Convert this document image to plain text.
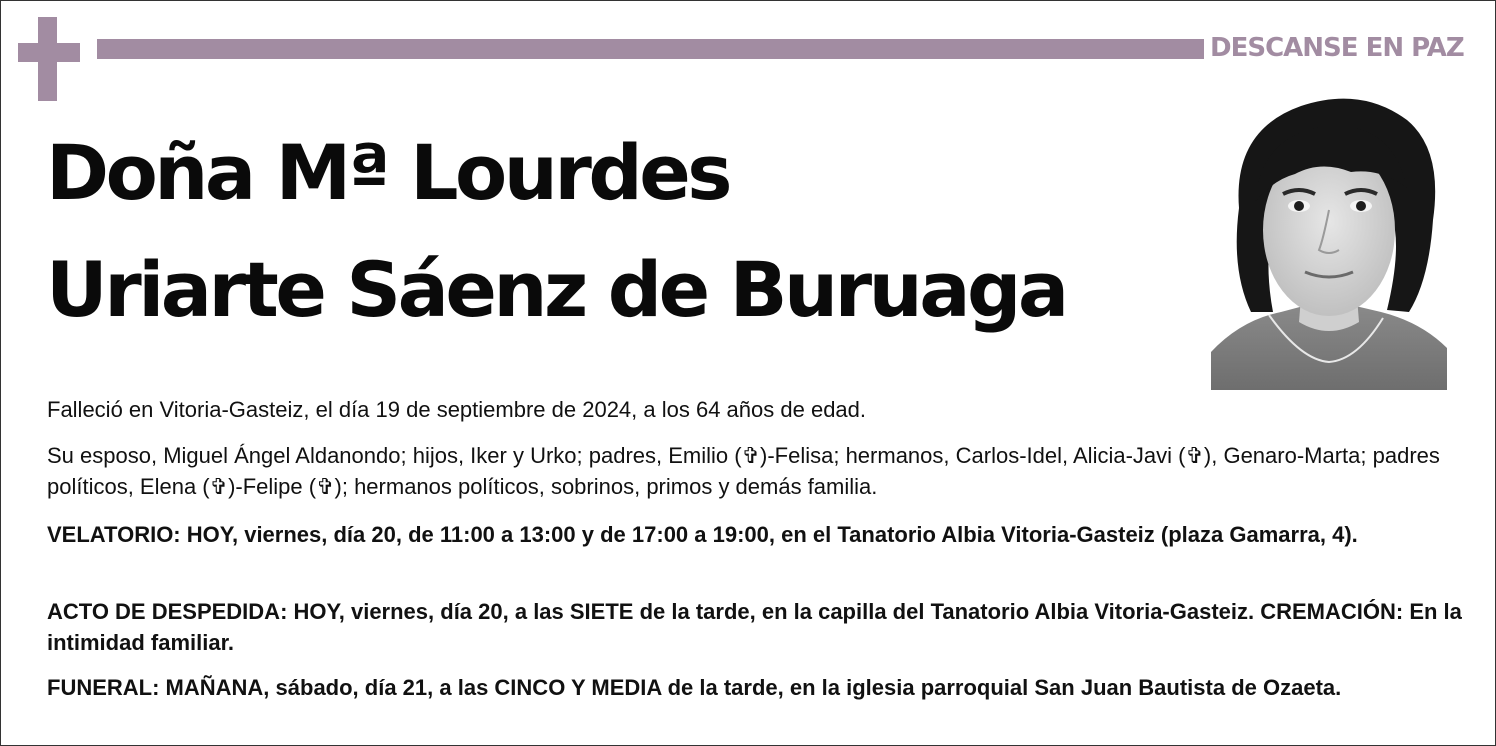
DESCANSE EN PAZ
Doña Mª Lourdes
Uriarte Sáenz de Buruaga
Falleció en Vitoria-Gasteiz, el día 19 de septiembre de 2024, a los 64 años de edad.
Su esposo, Miguel Ángel Aldanondo; hijos, Iker y Urko; padres, Emilio (✞)-Felisa; hermanos, Carlos-Idel, Alicia-Javi (✞), Genaro-Marta; padres políticos, Elena (✞)-Felipe (✞); hermanos políticos, sobrinos, primos y demás familia.
VELATORIO: HOY, viernes, día 20, de 11:00 a 13:00 y de 17:00 a 19:00, en el Tanatorio Albia Vitoria-Gasteiz (plaza Gamarra, 4).
ACTO DE DESPEDIDA: HOY, viernes, día 20, a las SIETE de la tarde, en la capilla del Tanatorio Albia Vitoria-Gasteiz. CREMACIÓN: En la intimidad familiar.
FUNERAL: MAÑANA, sábado, día 21, a las CINCO Y MEDIA de la tarde, en la iglesia parroquial San Juan Bautista de Ozaeta.
